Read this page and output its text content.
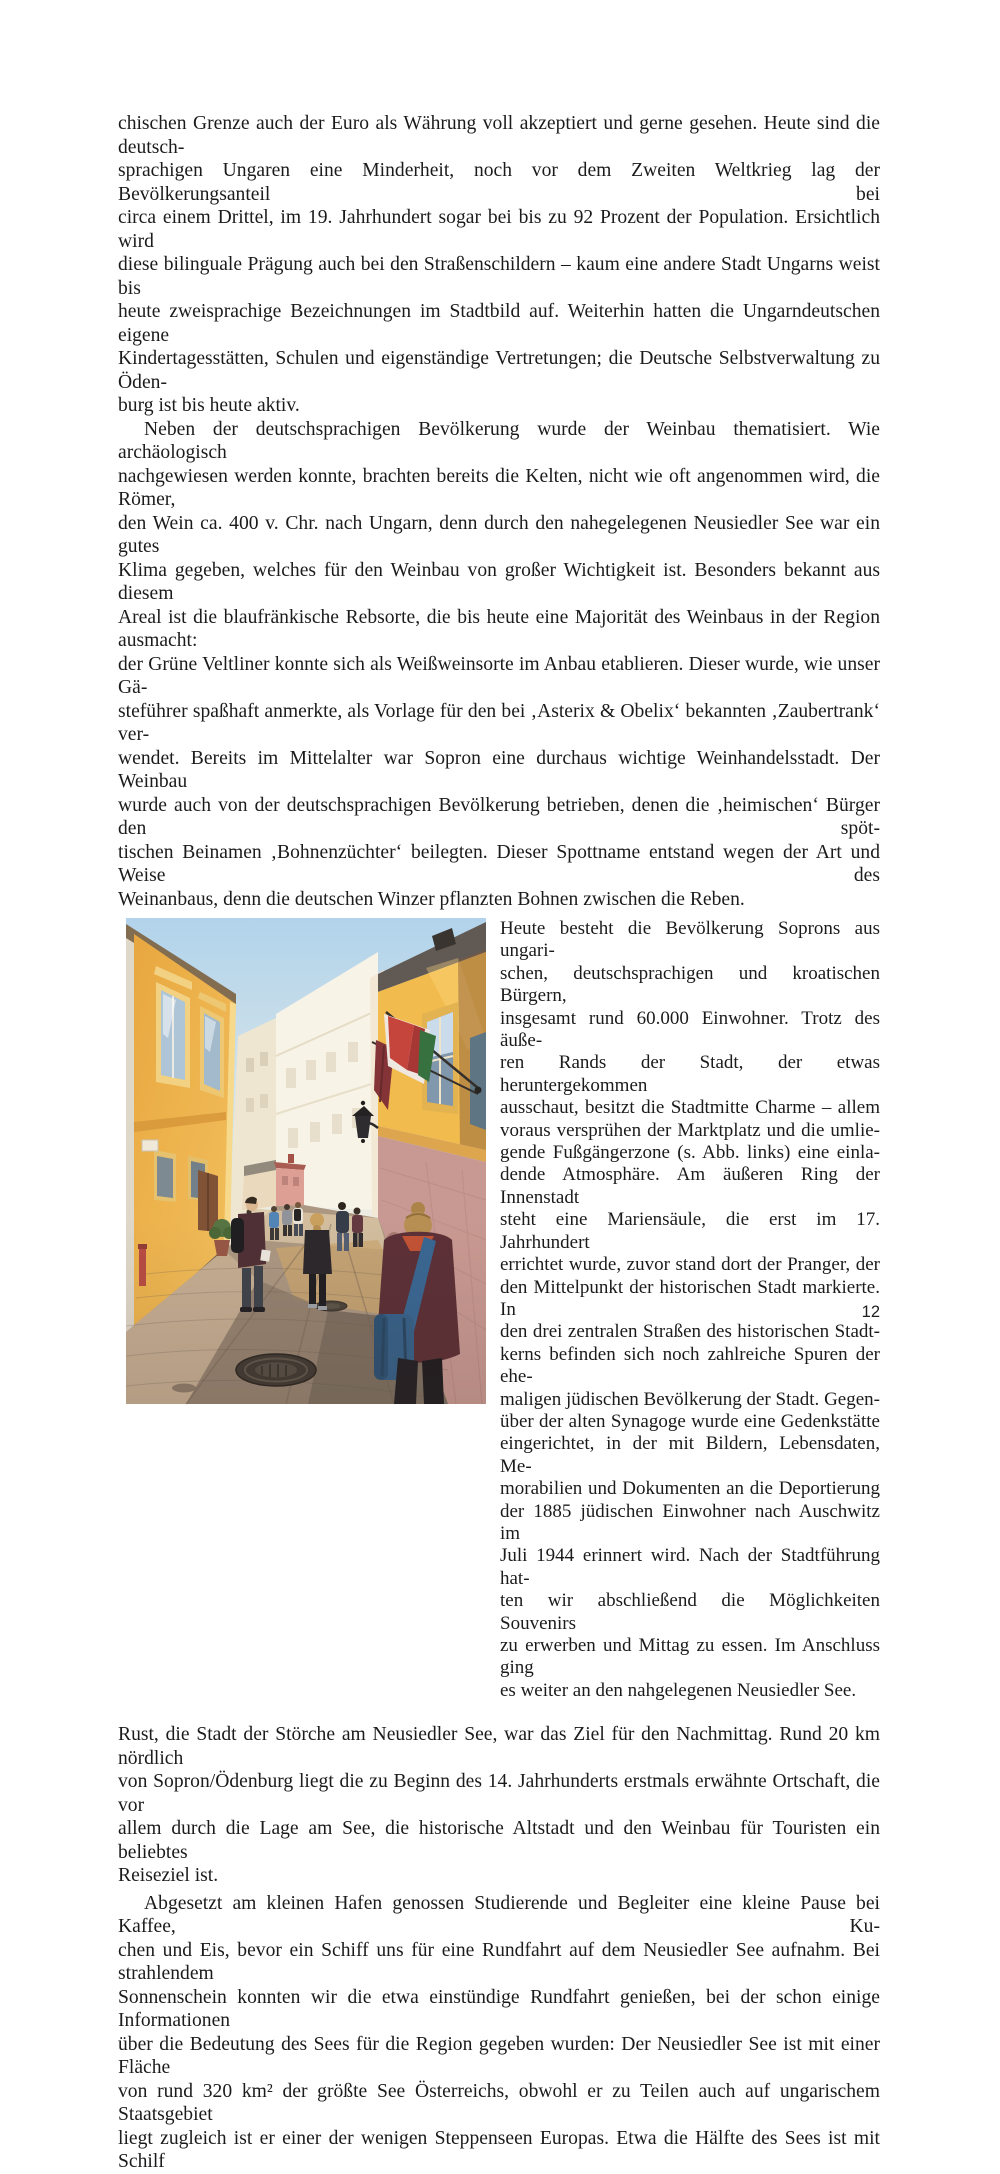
chischen Grenze auch der Euro als Währung voll akzeptiert und gerne gesehen. Heute sind die deutsch-
sprachigen Ungaren eine Minderheit, noch vor dem Zweiten Weltkrieg lag der Bevölkerungsanteil bei
circa einem Drittel, im 19. Jahrhundert sogar bei bis zu 92 Prozent der Population. Ersichtlich wird
diese bilinguale Prägung auch bei den Straßenschildern – kaum eine andere Stadt Ungarns weist bis
heute zweisprachige Bezeichnungen im Stadtbild auf. Weiterhin hatten die Ungarndeutschen eigene
Kindertagesstätten, Schulen und eigenständige Vertretungen; die Deutsche Selbstverwaltung zu Öden-
burg ist bis heute aktiv.

Neben der deutschsprachigen Bevölkerung wurde der Weinbau thematisiert. Wie archäologisch
nachgewiesen werden konnte, brachten bereits die Kelten, nicht wie oft angenommen wird, die Römer,
den Wein ca. 400 v. Chr. nach Ungarn, denn durch den nahegelegenen Neusiedler See war ein gutes
Klima gegeben, welches für den Weinbau von großer Wichtigkeit ist. Besonders bekannt aus diesem
Areal ist die blaufränkische Rebsorte, die bis heute eine Majorität des Weinbaus in der Region ausmacht:
der Grüne Veltliner konnte sich als Weißweinsorte im Anbau etablieren. Dieser wurde, wie unser Gä-
steführer spaßhaft anmerkte, als Vorlage für den bei ‚Asterix & Obelix‘ bekannten ‚Zaubertrank‘ ver-
wendet. Bereits im Mittelalter war Sopron eine durchaus wichtige Weinhandelsstadt. Der Weinbau
wurde auch von der deutschsprachigen Bevölkerung betrieben, denen die ‚heimischen‘ Bürger den spöt-
tischen Beinamen ‚Bohnenzüchter‘ beilegten. Dieser Spottname entstand wegen der Art und Weise des
Weinanbaus, denn die deutschen Winzer pflanzten Bohnen zwischen die Reben.

Heute besteht die Bevölkerung Soprons aus ungari-
schen, deutschsprachigen und kroatischen Bürgern,
insgesamt rund 60.000 Einwohner. Trotz des äuße-
ren Rands der Stadt, der etwas heruntergekommen
ausschaut, besitzt die Stadtmitte Charme – allem
voraus versprühen der Marktplatz und die umlie-
gende Fußgängerzone (s. Abb. links) eine einla-
dende Atmosphäre. Am äußeren Ring der Innenstadt
steht eine Mariensäule, die erst im 17. Jahrhundert
errichtet wurde, zuvor stand dort der Pranger, der
den Mittelpunkt der historischen Stadt markierte. In
den drei zentralen Straßen des historischen Stadt-
kerns befinden sich noch zahlreiche Spuren der ehe-
maligen jüdischen Bevölkerung der Stadt. Gegen-
über der alten Synagoge wurde eine Gedenkstätte
eingerichtet, in der mit Bildern, Lebensdaten, Me-
morabilien und Dokumenten an die Deportierung
der 1885 jüdischen Einwohner nach Auschwitz im
Juli 1944 erinnert wird. Nach der Stadtführung hat-
ten wir abschließend die Möglichkeiten Souvenirs
zu erwerben und Mittag zu essen. Im Anschluss ging
es weiter an den nahgelegenen Neusiedler See.

Rust, die Stadt der Störche am Neusiedler See, war das Ziel für den Nachmittag. Rund 20 km nördlich
von Sopron/Ödenburg liegt die zu Beginn des 14. Jahrhunderts erstmals erwähnte Ortschaft, die vor
allem durch die Lage am See, die historische Altstadt und den Weinbau für Touristen ein beliebtes
Reiseziel ist.

Abgesetzt am kleinen Hafen genossen Studierende und Begleiter eine kleine Pause bei Kaffee, Ku-
chen und Eis, bevor ein Schiff uns für eine Rundfahrt auf dem Neusiedler See aufnahm. Bei strahlendem
Sonnenschein konnten wir die etwa einstündige Rundfahrt genießen, bei der schon einige Informationen
über die Bedeutung des Sees für die Region gegeben wurden: Der Neusiedler See ist mit einer Fläche
von rund 320 km² der größte See Österreichs, obwohl er zu Teilen auch auf ungarischem Staatsgebiet
liegt zugleich ist er einer der wenigen Steppenseen Europas. Etwa die Hälfte des Sees ist mit Schilf

12
